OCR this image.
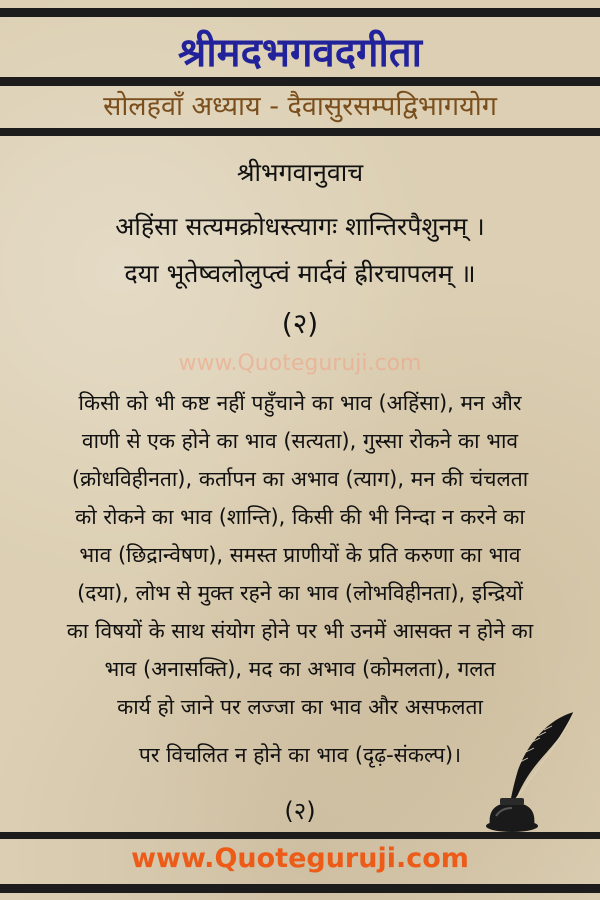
श्रीमदभगवदगीता
सोलहवाँ अध्याय - दैवासुरसम्पद्विभागयोग
श्रीभगवानुवाच
अहिंसा सत्यमक्रोधस्त्यागः शान्तिरपैशुनम् ।
दया भूतेष्वलोलुप्त्वं मार्दवं ह्रीरचापलम् ॥
(२)
www.Quoteguruji.com
किसी को भी कष्ट नहीं पहुँचाने का भाव (अहिंसा), मन और
वाणी से एक होने का भाव (सत्यता), गुस्सा रोकने का भाव
(क्रोधविहीनता), कर्तापन का अभाव (त्याग), मन की चंचलता
को रोकने का भाव (शान्ति), किसी की भी निन्दा न करने का
भाव (छिद्रान्वेषण), समस्त प्राणीयों के प्रति करुणा का भाव
(दया), लोभ से मुक्त रहने का भाव (लोभविहीनता), इन्द्रियों
का विषयों के साथ संयोग होने पर भी उनमें आसक्त न होने का
भाव (अनासक्ति), मद का अभाव (कोमलता), गलत
कार्य हो जाने पर लज्जा का भाव और असफलता
पर विचलित न होने का भाव (दृढ़-संकल्प)।
(२)
www.Quoteguruji.com
